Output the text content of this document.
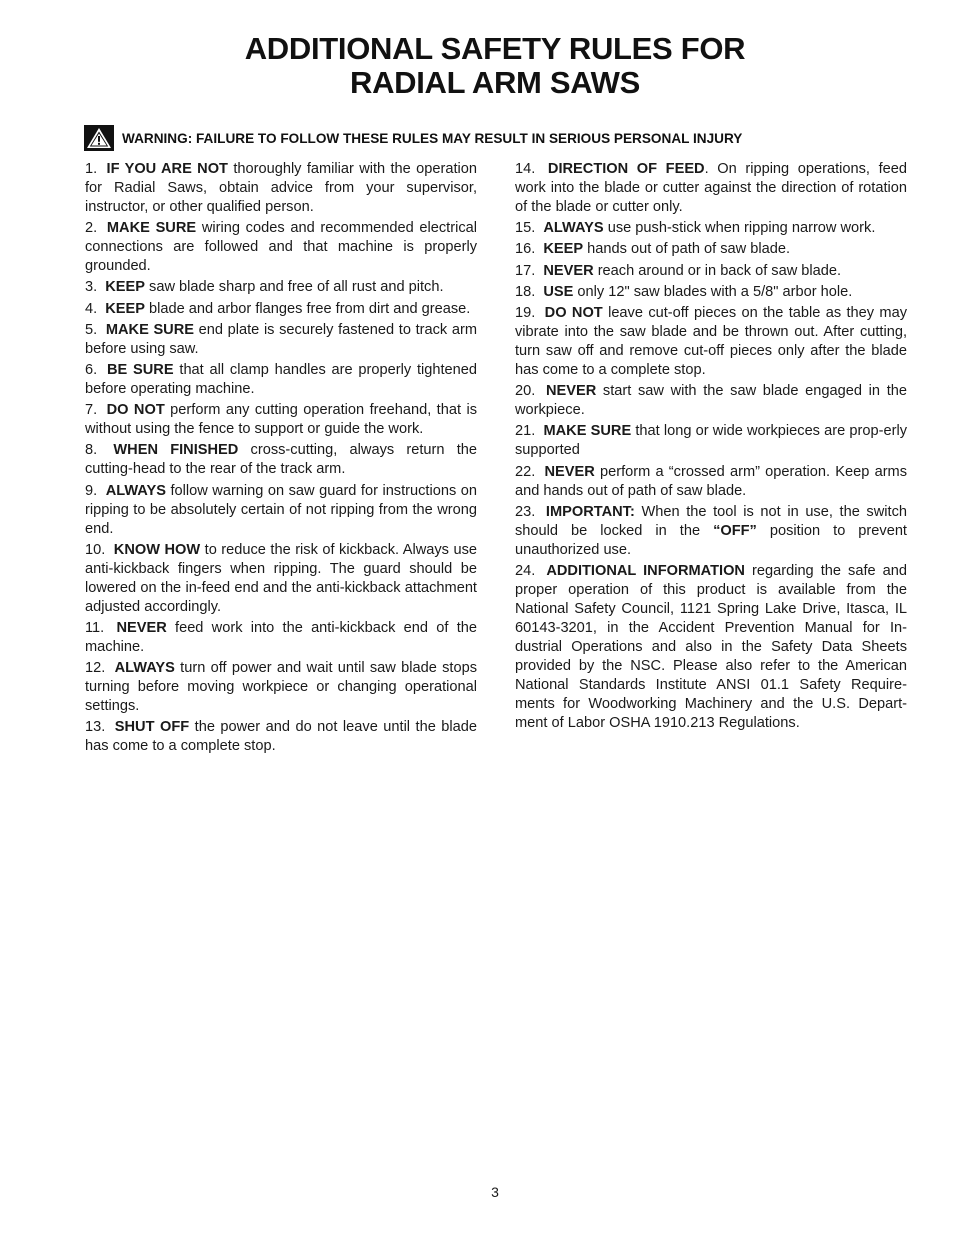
ADDITIONAL SAFETY RULES FOR
RADIAL ARM SAWS
WARNING: FAILURE TO FOLLOW THESE RULES MAY RESULT IN SERIOUS PERSONAL INJURY
1. IF YOU ARE NOT thoroughly familiar with the operation for Radial Saws, obtain advice from your supervisor, instructor, or other qualified person.
2. MAKE SURE wiring codes and recommended electrical connections are followed and that machine is properly grounded.
3. KEEP saw blade sharp and free of all rust and pitch.
4. KEEP blade and arbor flanges free from dirt and grease.
5. MAKE SURE end plate is securely fastened to track arm before using saw.
6. BE SURE that all clamp handles are properly tightened before operating machine.
7. DO NOT perform any cutting operation freehand, that is without using the fence to support or guide the work.
8. WHEN FINISHED cross-cutting, always return the cutting-head to the rear of the track arm.
9. ALWAYS follow warning on saw guard for instructions on ripping to be absolutely certain of not ripping from the wrong end.
10. KNOW HOW to reduce the risk of kickback. Always use anti-kickback fingers when ripping. The guard should be lowered on the in-feed end and the anti-kickback attachment adjusted accordingly.
11. NEVER feed work into the anti-kickback end of the machine.
12. ALWAYS turn off power and wait until saw blade stops turning before moving workpiece or changing operational settings.
13. SHUT OFF the power and do not leave until the blade has come to a complete stop.
14. DIRECTION OF FEED. On ripping operations, feed work into the blade or cutter against the direction of rotation of the blade or cutter only.
15. ALWAYS use push-stick when ripping narrow work.
16. KEEP hands out of path of saw blade.
17. NEVER reach around or in back of saw blade.
18. USE only 12" saw blades with a 5/8" arbor hole.
19. DO NOT leave cut-off pieces on the table as they may vibrate into the saw blade and be thrown out. After cutting, turn saw off and remove cut-off pieces only after the blade has come to a complete stop.
20. NEVER start saw with the saw blade engaged in the workpiece.
21. MAKE SURE that long or wide workpieces are prop-erly supported
22. NEVER perform a “crossed arm” operation. Keep arms and hands out of path of saw blade.
23. IMPORTANT: When the tool is not in use, the switch should be locked in the “OFF” position to prevent unauthorized use.
24. ADDITIONAL INFORMATION regarding the safe and proper operation of this product is available from the National Safety Council, 1121 Spring Lake Drive, Itasca, IL 60143-3201, in the Accident Prevention Manual for In-dustrial Operations and also in the Safety Data Sheets provided by the NSC. Please also refer to the American National Standards Institute ANSI 01.1 Safety Require-ments for Woodworking Machinery and the U.S. Depart-ment of Labor OSHA 1910.213 Regulations.
3
